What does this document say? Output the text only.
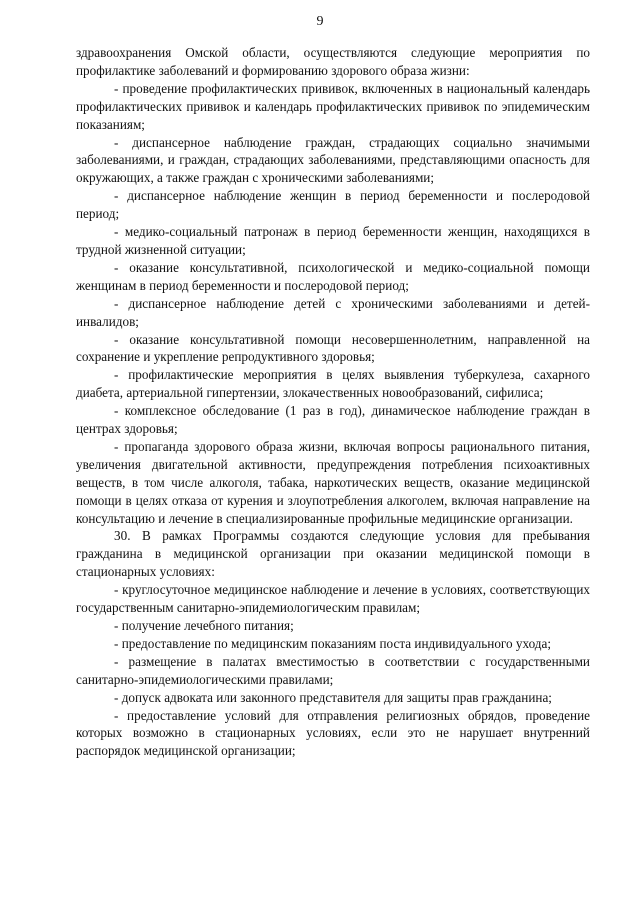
9

здравоохранения Омской области, осуществляются следующие мероприятия по профилактике заболеваний и формированию здорового образа жизни:

- проведение профилактических прививок, включенных в национальный календарь профилактических прививок и календарь профилактических прививок по эпидемическим показаниям;

- диспансерное наблюдение граждан, страдающих социально значимыми заболеваниями, и граждан, страдающих заболеваниями, представляющими опасность для окружающих, а также граждан с хроническими заболеваниями;

- диспансерное наблюдение женщин в период беременности и послеродовой период;

- медико-социальный патронаж в период беременности женщин, находящихся в трудной жизненной ситуации;

- оказание консультативной, психологической и медико-социальной помощи женщинам в период беременности и послеродовой период;

- диспансерное наблюдение детей с хроническими заболеваниями и детей-инвалидов;

- оказание консультативной помощи несовершеннолетним, направленной на сохранение и укрепление репродуктивного здоровья;

- профилактические мероприятия в целях выявления туберкулеза, сахарного диабета, артериальной гипертензии, злокачественных новообразований, сифилиса;

- комплексное обследование (1 раз в год), динамическое наблюдение граждан в центрах здоровья;

- пропаганда здорового образа жизни, включая вопросы рационального питания, увеличения двигательной активности, предупреждения потребления психоактивных веществ, в том числе алкоголя, табака, наркотических веществ, оказание медицинской помощи в целях отказа от курения и злоупотребления алкоголем, включая направление на консультацию и лечение в специализированные профильные медицинские организации.

30. В рамках Программы создаются следующие условия для пребывания гражданина в медицинской организации при оказании медицинской помощи в стационарных условиях:

- круглосуточное медицинское наблюдение и лечение в условиях, соответствующих государственным санитарно-эпидемиологическим правилам;

- получение лечебного питания;

- предоставление по медицинским показаниям поста индивидуального ухода;

- размещение в палатах вместимостью в соответствии с государственными санитарно-эпидемиологическими правилами;

- допуск адвоката или законного представителя для защиты прав гражданина;

- предоставление условий для отправления религиозных обрядов, проведение которых возможно в стационарных условиях, если это не нарушает внутренний распорядок медицинской организации;
